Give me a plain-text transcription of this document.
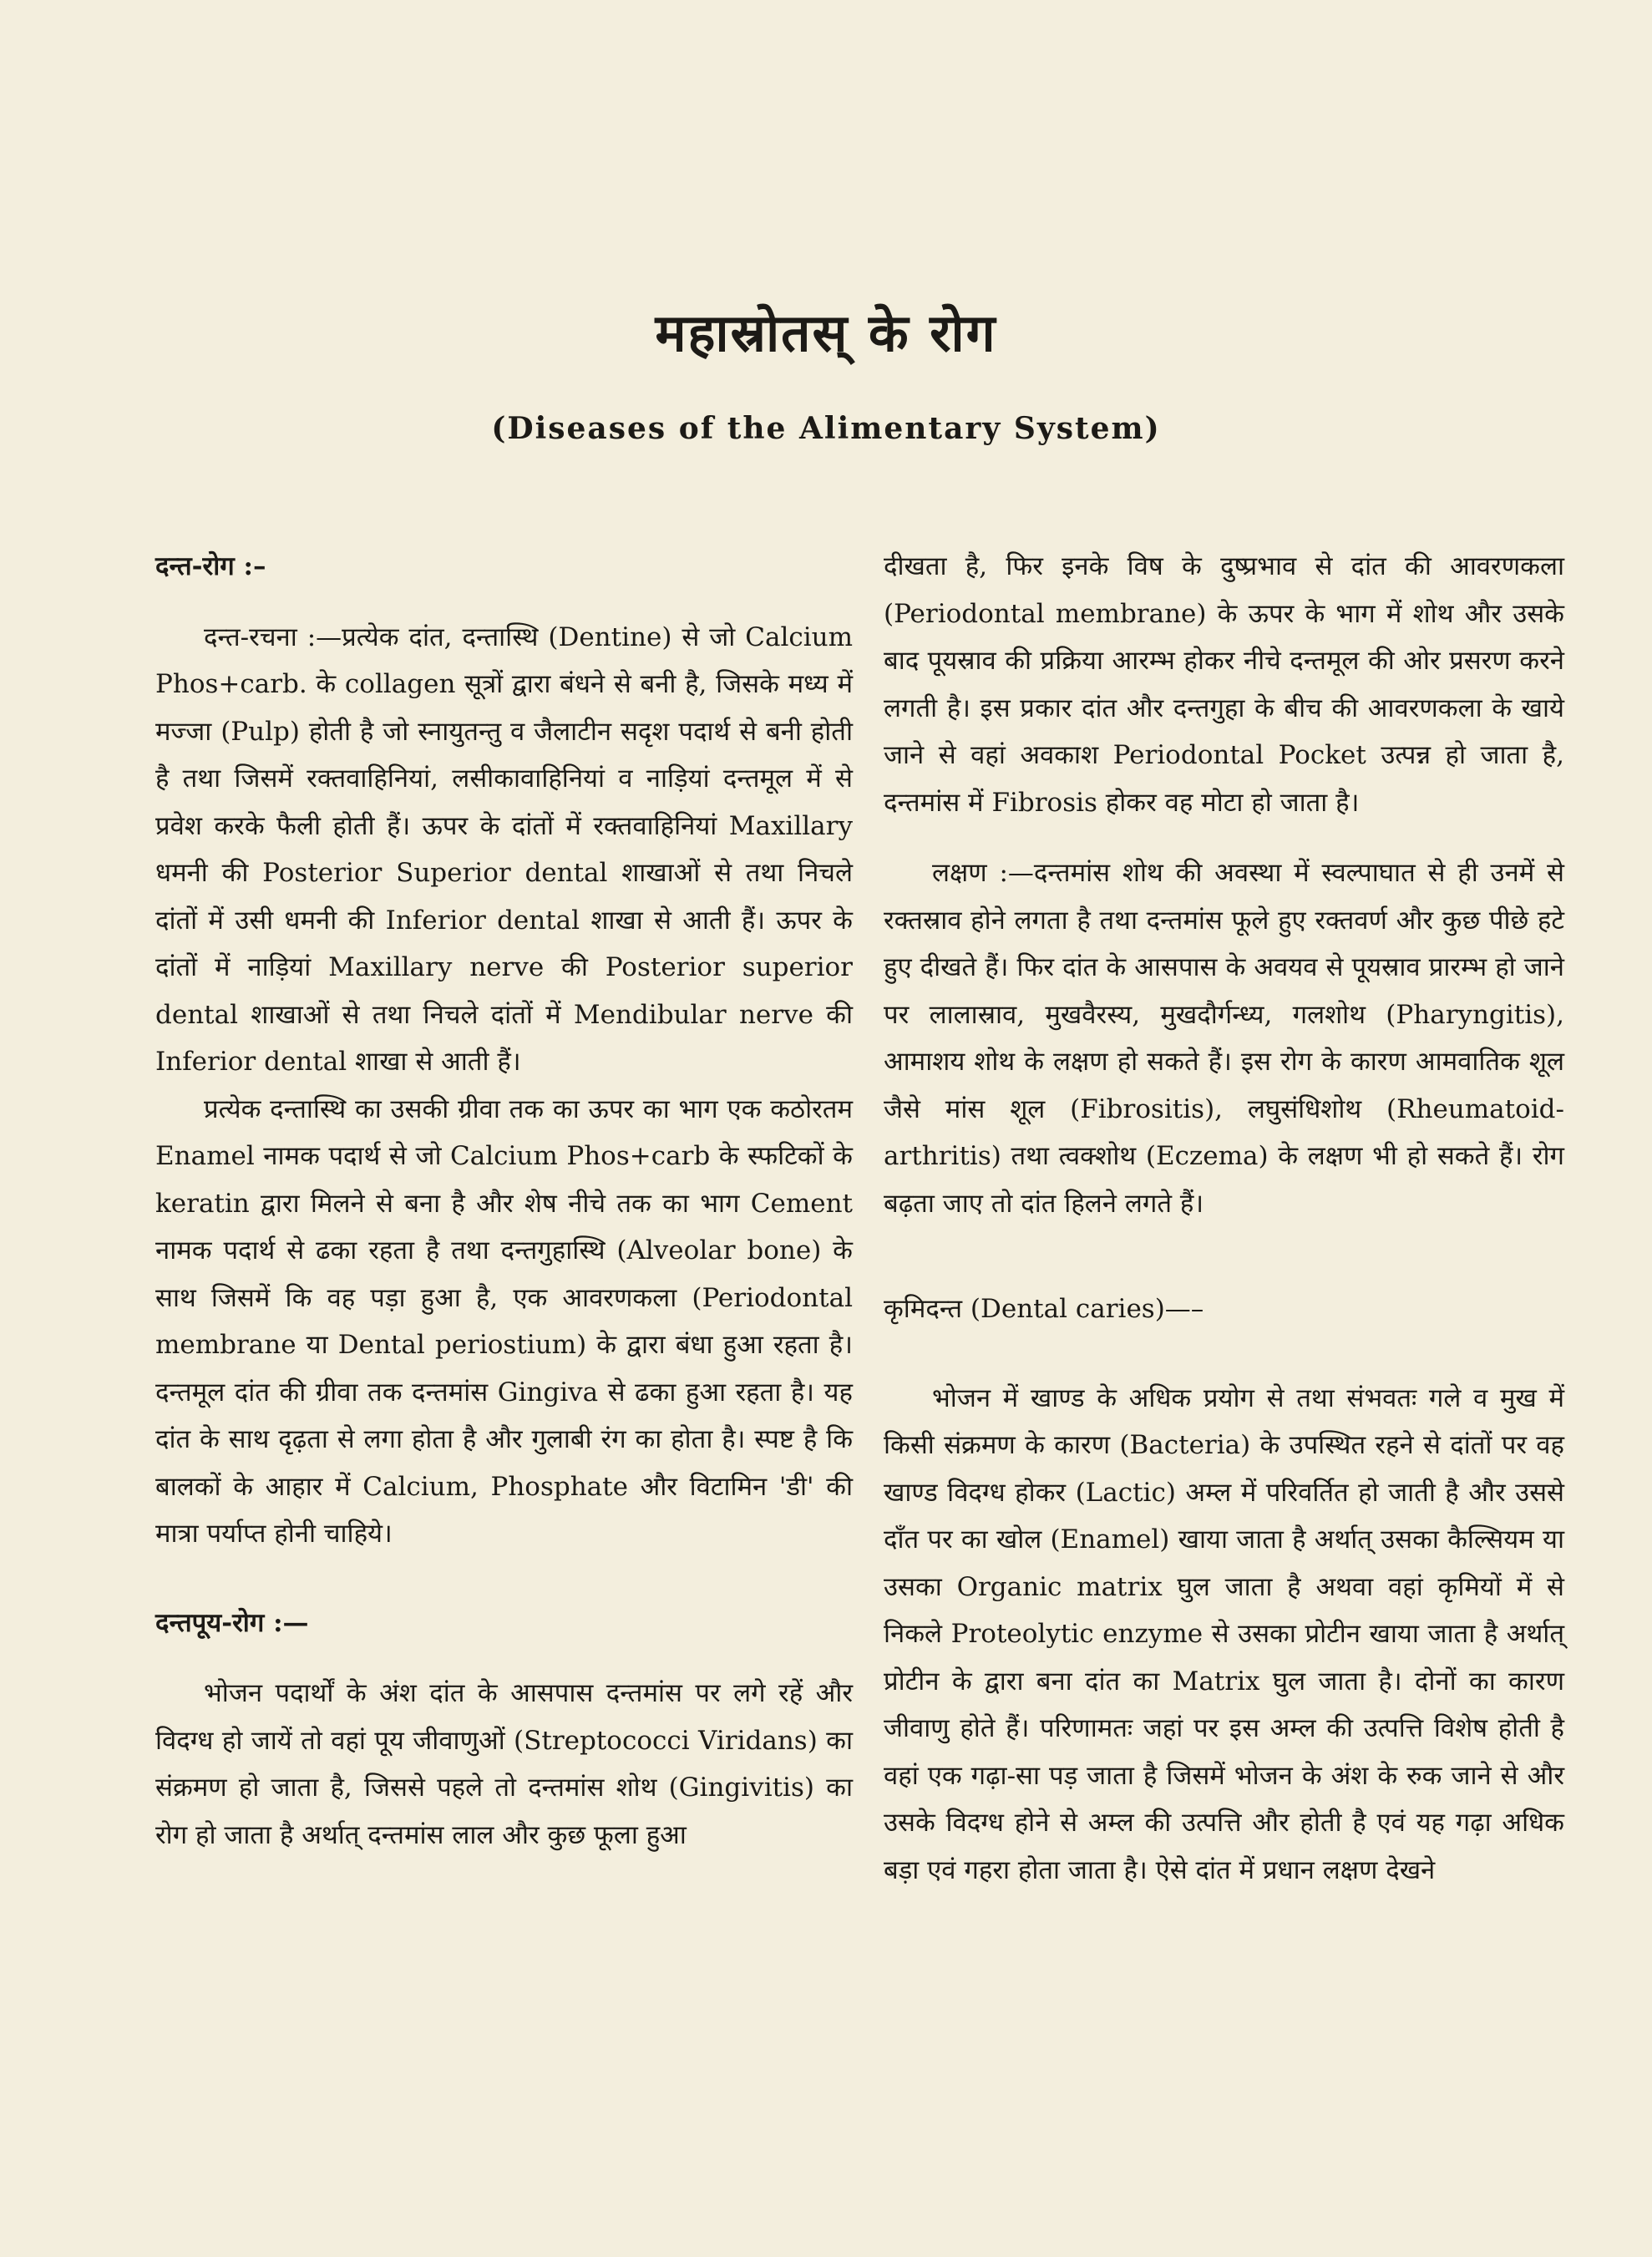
महास्रोतस् के रोग
(Diseases of the Alimentary System)

दन्त-रोग :–

दन्त-रचना :—प्रत्येक दांत, दन्तास्थि (Dentine) से जो Calcium Phos+carb. के collagen सूत्रों द्वारा बंधने से बनी है, जिसके मध्य में मज्जा (Pulp) होती है जो स्नायुतन्तु व जैलाटीन सदृश पदार्थ से बनी होती है तथा जिसमें रक्तवाहिनियां, लसीकावाहिनियां व नाड़ियां दन्तमूल में से प्रवेश करके फैली होती हैं। ऊपर के दांतों में रक्तवाहिनियां Maxillary धमनी की Posterior Superior dental शाखाओं से तथा निचले दांतों में उसी धमनी की Inferior dental शाखा से आती हैं। ऊपर के दांतों में नाड़ियां Maxillary nerve की Posterior superior dental शाखाओं से तथा निचले दांतों में Mendibular nerve की Inferior dental शाखा से आती हैं।

प्रत्येक दन्तास्थि का उसकी ग्रीवा तक का ऊपर का भाग एक कठोरतम Enamel नामक पदार्थ से जो Calcium Phos+carb के स्फटिकों के keratin द्वारा मिलने से बना है और शेष नीचे तक का भाग Cement नामक पदार्थ से ढका रहता है तथा दन्तगुहास्थि (Alveolar bone) के साथ जिसमें कि वह पड़ा हुआ है, एक आवरणकला (Periodontal membrane या Dental periostium) के द्वारा बंधा हुआ रहता है। दन्तमूल दांत की ग्रीवा तक दन्तमांस Gingiva से ढका हुआ रहता है। यह दांत के साथ दृढ़ता से लगा होता है और गुलाबी रंग का होता है। स्पष्ट है कि बालकों के आहार में Calcium, Phosphate और विटामिन 'डी' की मात्रा पर्याप्त होनी चाहिये।

दन्तपूय-रोग :—

भोजन पदार्थों के अंश दांत के आसपास दन्तमांस पर लगे रहें और विदग्ध हो जायें तो वहां पूय जीवाणुओं (Streptococci Viridans) का संक्रमण हो जाता है, जिससे पहले तो दन्तमांस शोथ (Gingivitis) का रोग हो जाता है अर्थात् दन्तमांस लाल और कुछ फूला हुआ

दीखता है, फिर इनके विष के दुष्प्रभाव से दांत की आवरणकला (Periodontal membrane) के ऊपर के भाग में शोथ और उसके बाद पूयस्राव की प्रक्रिया आरम्भ होकर नीचे दन्तमूल की ओर प्रसरण करने लगती है। इस प्रकार दांत और दन्तगुहा के बीच की आवरणकला के खाये जाने से वहां अवकाश Periodontal Pocket उत्पन्न हो जाता है, दन्तमांस में Fibrosis होकर वह मोटा हो जाता है।

लक्षण :—दन्तमांस शोथ की अवस्था में स्वल्पाघात से ही उनमें से रक्तस्राव होने लगता है तथा दन्तमांस फूले हुए रक्तवर्ण और कुछ पीछे हटे हुए दीखते हैं। फिर दांत के आसपास के अवयव से पूयस्राव प्रारम्भ हो जाने पर लालास्राव, मुखवैरस्य, मुखदौर्गन्ध्य, गलशोथ (Pharyngitis), आमाशय शोथ के लक्षण हो सकते हैं। इस रोग के कारण आमवातिक शूल जैसे मांस शूल (Fibrositis), लघुसंधिशोथ (Rheumatoid-arthritis) तथा त्वक्शोथ (Eczema) के लक्षण भी हो सकते हैं। रोग बढ़ता जाए तो दांत हिलने लगते हैं।

कृमिदन्त (Dental caries)—–

भोजन में खाण्ड के अधिक प्रयोग से तथा संभवतः गले व मुख में किसी संक्रमण के कारण (Bacteria) के उपस्थित रहने से दांतों पर वह खाण्ड विदग्ध होकर (Lactic) अम्ल में परिवर्तित हो जाती है और उससे दाँत पर का खोल (Enamel) खाया जाता है अर्थात् उसका कैल्सियम या उसका Organic matrix घुल जाता है अथवा वहां कृमियों में से निकले Proteolytic enzyme से उसका प्रोटीन खाया जाता है अर्थात् प्रोटीन के द्वारा बना दांत का Matrix घुल जाता है। दोनों का कारण जीवाणु होते हैं। परिणामतः जहां पर इस अम्ल की उत्पत्ति विशेष होती है वहां एक गढ़ा-सा पड़ जाता है जिसमें भोजन के अंश के रुक जाने से और उसके विदग्ध होने से अम्ल की उत्पत्ति और होती है एवं यह गढ़ा अधिक बड़ा एवं गहरा होता जाता है। ऐसे दांत में प्रधान लक्षण देखने
